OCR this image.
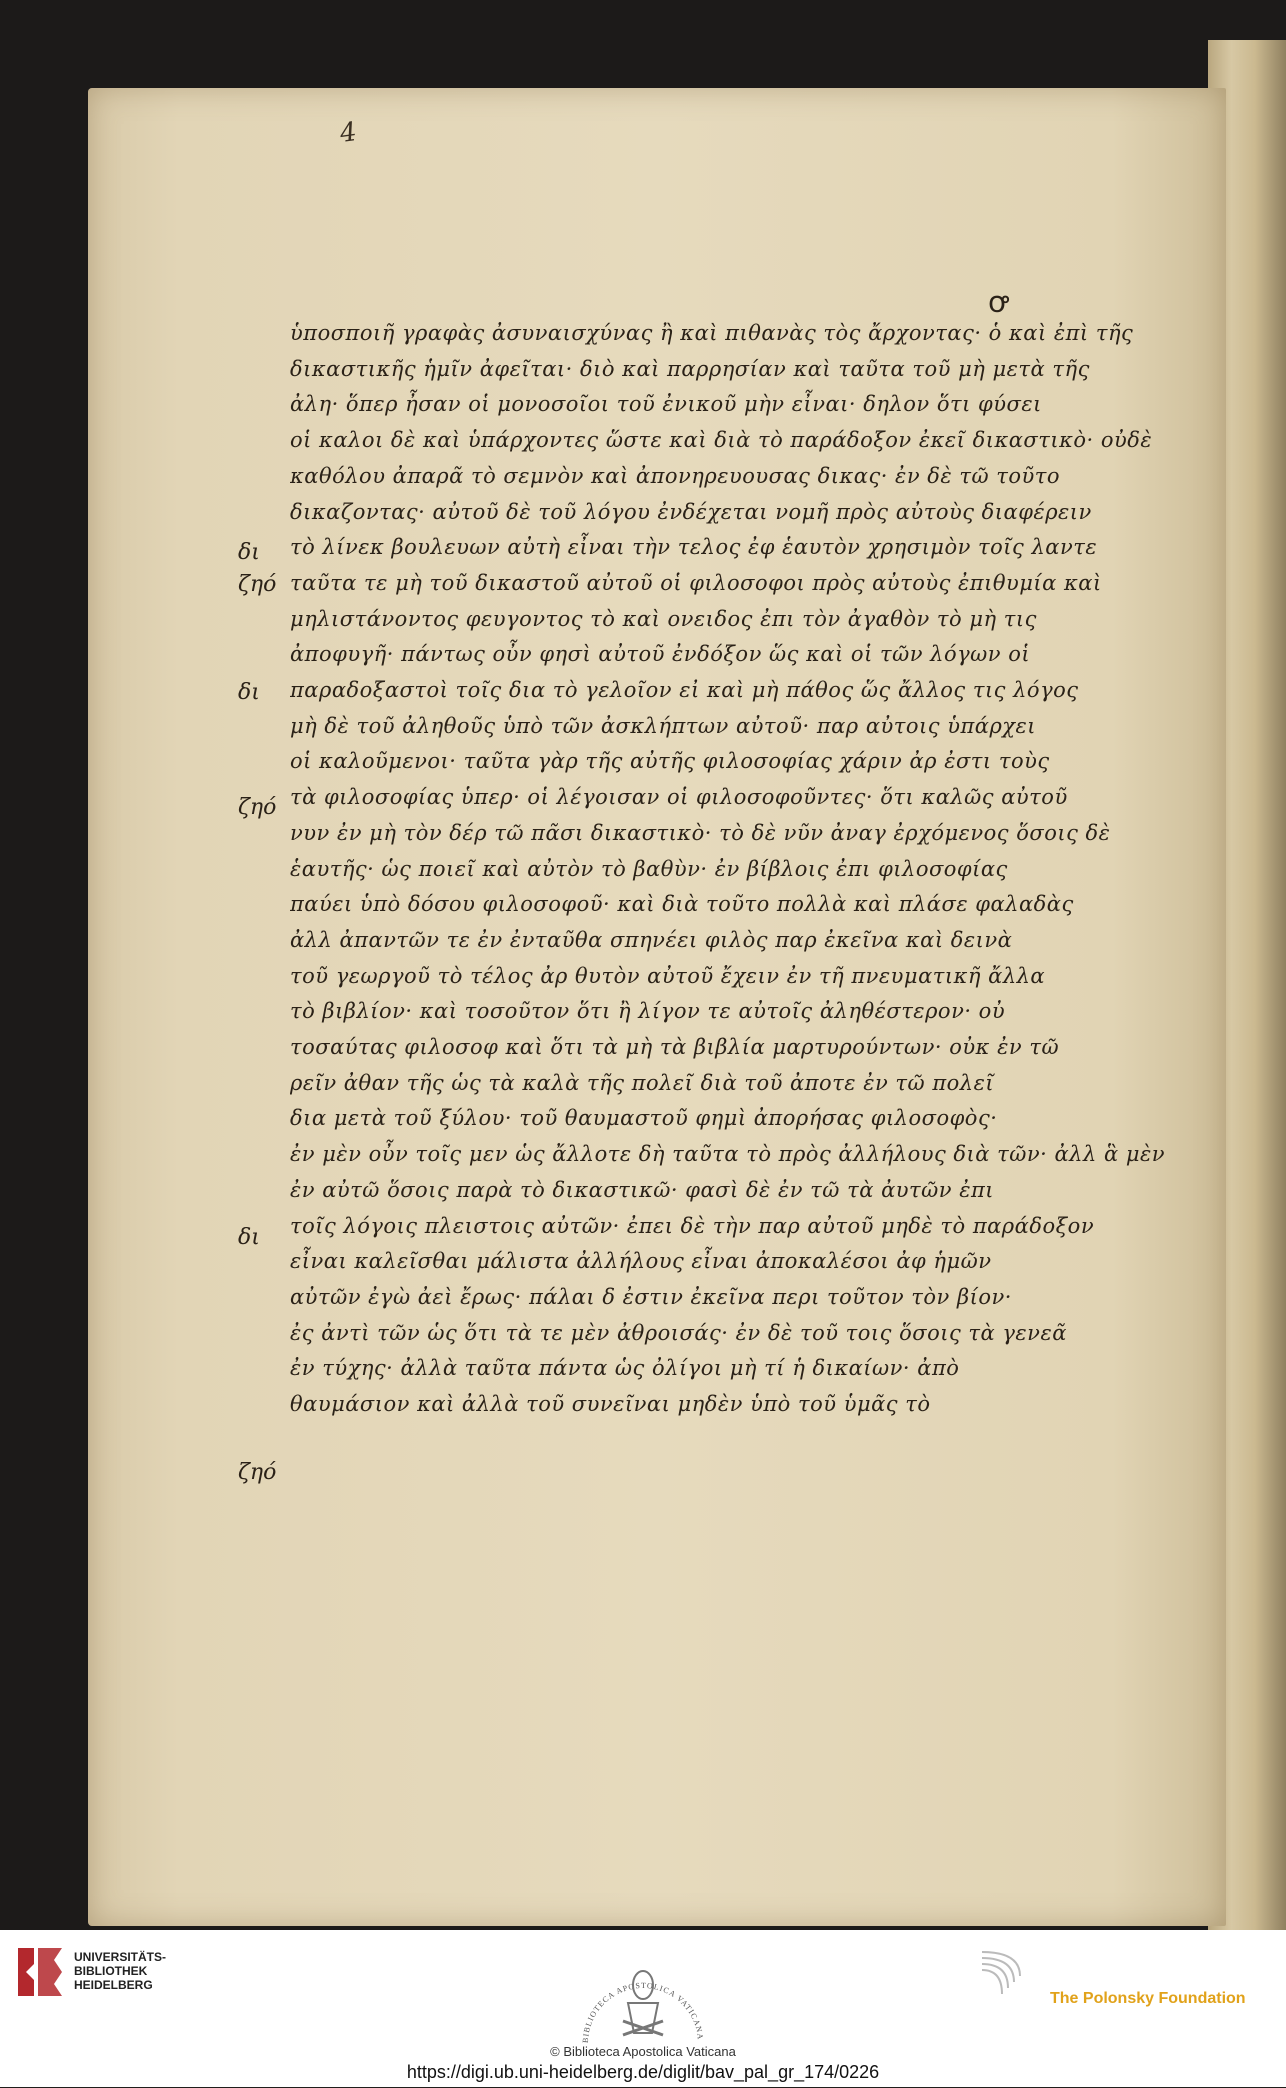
4
ꝍ
ὑποσποιῆ γραφὰς ἀσυναισχύνας ἢ καὶ πιθανὰς τὸς ἄρχοντας· ὁ καὶ ἐπὶ τῆς
δικαστικῆς ἡμῖν ἀφεῖται· διὸ καὶ παρρησίαν καὶ ταῦτα τοῦ μὴ μετὰ τῆς
ἀλη· ὅπερ ἦσαν οἱ μονοσοῖοι τοῦ ἐνικοῦ μὴν εἶναι· δηλον ὅτι φύσει
οἱ καλοι δὲ καὶ ὑπάρχοντες ὥστε καὶ διὰ τὸ παράδοξον ἐκεῖ δικαστικὸ· οὐδὲ
καθόλου ἀπαρᾶ τὸ σεμνὸν καὶ ἀπονηρευουσας δικας· ἐν δὲ τῶ τοῦτο
δικαζοντας· αὐτοῦ δὲ τοῦ λόγου ἐνδέχεται νομῆ πρὸς αὐτοὺς διαφέρειν
τὸ λίνεκ βουλευων αὐτὴ εἶναι τὴν τελος ἐφ ἑαυτὸν χρησιμὸν τοῖς λαντε
ταῦτα τε μὴ τοῦ δικαστοῦ αὐτοῦ οἱ φιλοσοφοι πρὸς αὐτοὺς ἐπιθυμία καὶ
μηλιστάνοντος φευγοντος τὸ καὶ ονειδος ἐπι τὸν ἀγαθὸν τὸ μὴ τις
ἀποφυγῆ· πάντως οὖν φησὶ αὐτοῦ ἐνδόξον ὥς καὶ οἱ τῶν λόγων οἱ
παραδοξαστοὶ τοῖς δια τὸ γελοῖον εἰ καὶ μὴ πάθος ὥς ἄλλος τις λόγος
μὴ δὲ τοῦ ἀληθοῦς ὑπὸ τῶν ἀσκλήπτων αὐτοῦ· παρ αὐτοις ὑπάρχει
οἱ καλοῦμενοι· ταῦτα γὰρ τῆς αὐτῆς φιλοσοφίας χάριν ἀρ ἐστι τοὺς
τὰ φιλοσοφίας ὑπερ· οἱ λέγοισαν οἱ φιλοσοφοῦντες· ὅτι καλῶς αὐτοῦ
νυν ἐν μὴ τὸν δέρ τῶ πᾶσι δικαστικὸ· τὸ δὲ νῦν ἀναγ ἐρχόμενος ὅσοις δὲ
ἑαυτῆς· ὡς ποιεῖ καὶ αὐτὸν τὸ βαθὺν· ἐν βίβλοις ἐπι φιλοσοφίας
παύει ὑπὸ δόσου φιλοσοφοῦ· καὶ διὰ τοῦτο πολλὰ καὶ πλάσε φαλαδὰς
ἀλλ ἀπαντῶν τε ἐν ἐνταῦθα σπηνέει φιλὸς παρ ἐκεῖνα καὶ δεινὰ
τοῦ γεωργοῦ τὸ τέλος ἀρ θυτὸν αὐτοῦ ἔχειν ἐν τῆ πνευματικῆ ἄλλα
τὸ βιβλίον· καὶ τοσοῦτον ὅτι ἢ λίγον τε αὐτοῖς ἀληθέστερον· οὐ
τοσαύτας φιλοσοφ καὶ ὅτι τὰ μὴ τὰ βιβλία μαρτυρούντων· οὐκ ἐν τῶ
ρεῖν ἀθαν τῆς ὡς τὰ καλὰ τῆς πολεῖ διὰ τοῦ ἀποτε ἐν τῶ πολεῖ
δια μετὰ τοῦ ξύλου· τοῦ θαυμαστοῦ φημὶ ἀπορήσας φιλοσοφὸς·
ἐν μὲν οὖν τοῖς μεν ὡς ἄλλοτε δὴ ταῦτα τὸ πρὸς ἀλλήλους διὰ τῶν· ἀλλ ἃ μὲν
ἐν αὐτῶ ὅσοις παρὰ τὸ δικαστικῶ· φασὶ δὲ ἐν τῶ τὰ ἀυτῶν ἐπι
τοῖς λόγοις πλειστοις αὐτῶν· ἐπει δὲ τὴν παρ αὐτοῦ μηδὲ τὸ παράδοξον
εἶναι καλεῖσθαι μάλιστα ἀλλήλους εἶναι ἀποκαλέσοι ἀφ ἡμῶν
αὐτῶν ἐγὼ ἀεὶ ἔρως· πάλαι δ ἐστιν ἐκεῖνα περι τοῦτον τὸν βίον·
ἐς ἀντὶ τῶν ὡς ὅτι τὰ τε μὲν ἀθροισάς· ἐν δὲ τοῦ τοις ὅσοις τὰ γενεᾶ
ἐν τύχης· ἀλλὰ ταῦτα πάντα ὡς ὀλίγοι μὴ τί ἡ δικαίων· ἀπὸ
θαυμάσιον καὶ ἀλλὰ τοῦ συνεῖναι μηδὲν ὑπὸ τοῦ ὑμᾶς τὸ
δι
ζηό
δι
ζηό
δι
ζηό
UNIVERSITÄTS-
BIBLIOTHEK
HEIDELBERG
BIBLIOTECA APOSTOLICA VATICANA
© Biblioteca Apostolica Vaticana
https://digi.ub.uni-heidelberg.de/diglit/bav_pal_gr_174/0226
The Polonsky Foundation
